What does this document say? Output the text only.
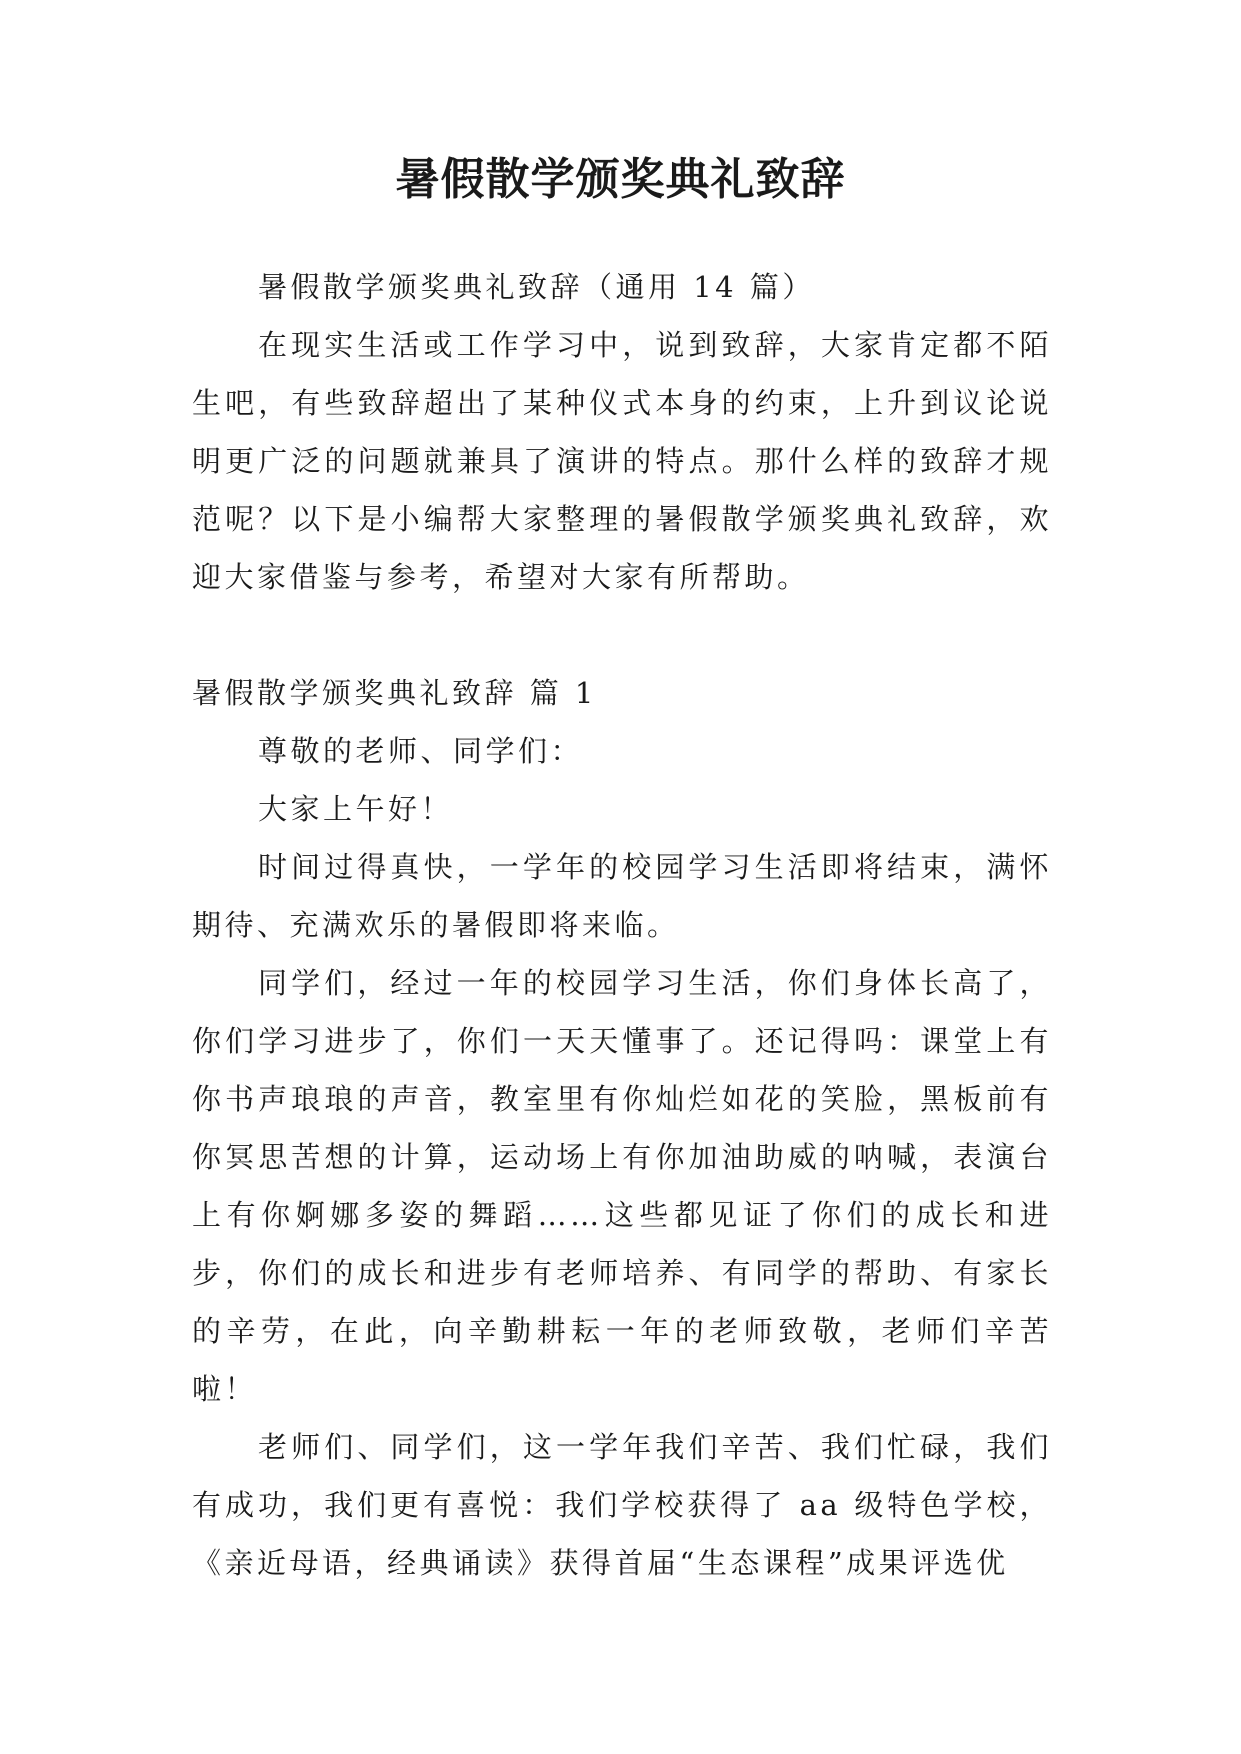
暑假散学颁奖典礼致辞

暑假散学颁奖典礼致辞（通用 14 篇）

在现实生活或工作学习中，说到致辞，大家肯定都不陌生吧，有些致辞超出了某种仪式本身的约束，上升到议论说明更广泛的问题就兼具了演讲的特点。那什么样的致辞才规范呢？以下是小编帮大家整理的暑假散学颁奖典礼致辞，欢迎大家借鉴与参考，希望对大家有所帮助。

暑假散学颁奖典礼致辞 篇 1

尊敬的老师、同学们：

大家上午好！

时间过得真快，一学年的校园学习生活即将结束，满怀期待、充满欢乐的暑假即将来临。

同学们，经过一年的校园学习生活，你们身体长高了，你们学习进步了，你们一天天懂事了。还记得吗：课堂上有你书声琅琅的声音，教室里有你灿烂如花的笑脸，黑板前有你冥思苦想的计算，运动场上有你加油助威的呐喊，表演台上有你婀娜多姿的舞蹈……这些都见证了你们的成长和进步，你们的成长和进步有老师培养、有同学的帮助、有家长的辛劳，在此，向辛勤耕耘一年的老师致敬，老师们辛苦啦！

老师们、同学们，这一学年我们辛苦、我们忙碌，我们有成功，我们更有喜悦：我们学校获得了 aa 级特色学校，《亲近母语，经典诵读》获得首届“生态课程”成果评选优
